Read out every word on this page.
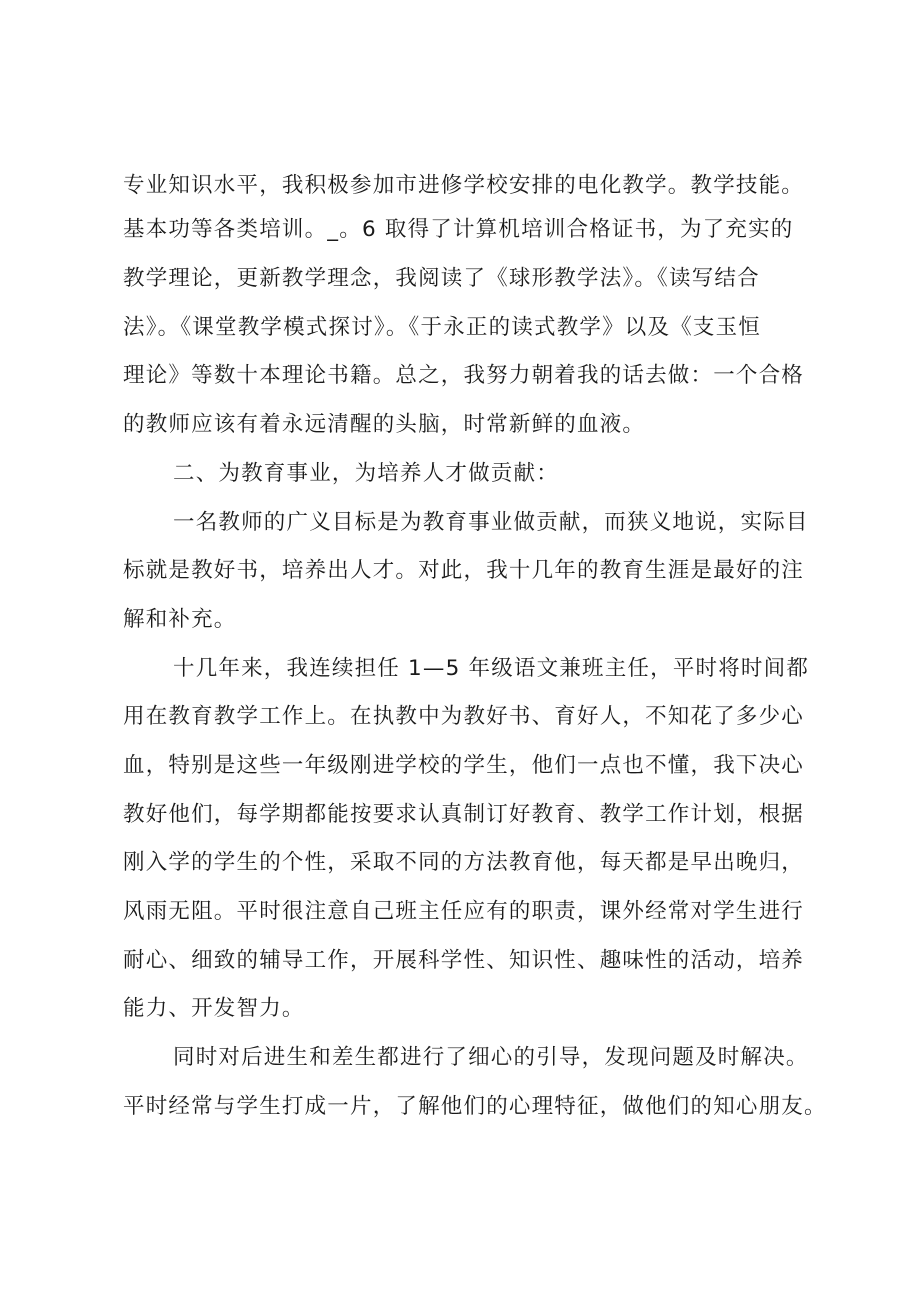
专业知识水平，我积极参加市进修学校安排的电化教学。教学技能。
基本功等各类培训。_。6 取得了计算机培训合格证书，为了充实的
教学理论，更新教学理念，我阅读了《球形教学法》。《读写结合
法》。《课堂教学模式探讨》。《于永正的读式教学》以及《支玉恒
理论》等数十本理论书籍。总之，我努力朝着我的话去做：一个合格
的教师应该有着永远清醒的头脑，时常新鲜的血液。
二、为教育事业，为培养人才做贡献：
一名教师的广义目标是为教育事业做贡献，而狭义地说，实际目
标就是教好书，培养出人才。对此，我十几年的教育生涯是最好的注
解和补充。
十几年来，我连续担任 1—5 年级语文兼班主任，平时将时间都
用在教育教学工作上。在执教中为教好书、育好人，不知花了多少心
血，特别是这些一年级刚进学校的学生，他们一点也不懂，我下决心
教好他们，每学期都能按要求认真制订好教育、教学工作计划，根据
刚入学的学生的个性，采取不同的方法教育他，每天都是早出晚归，
风雨无阻。平时很注意自己班主任应有的职责，课外经常对学生进行
耐心、细致的辅导工作，开展科学性、知识性、趣味性的活动，培养
能力、开发智力。
同时对后进生和差生都进行了细心的引导，发现问题及时解决。
平时经常与学生打成一片，了解他们的心理特征，做他们的知心朋友。
